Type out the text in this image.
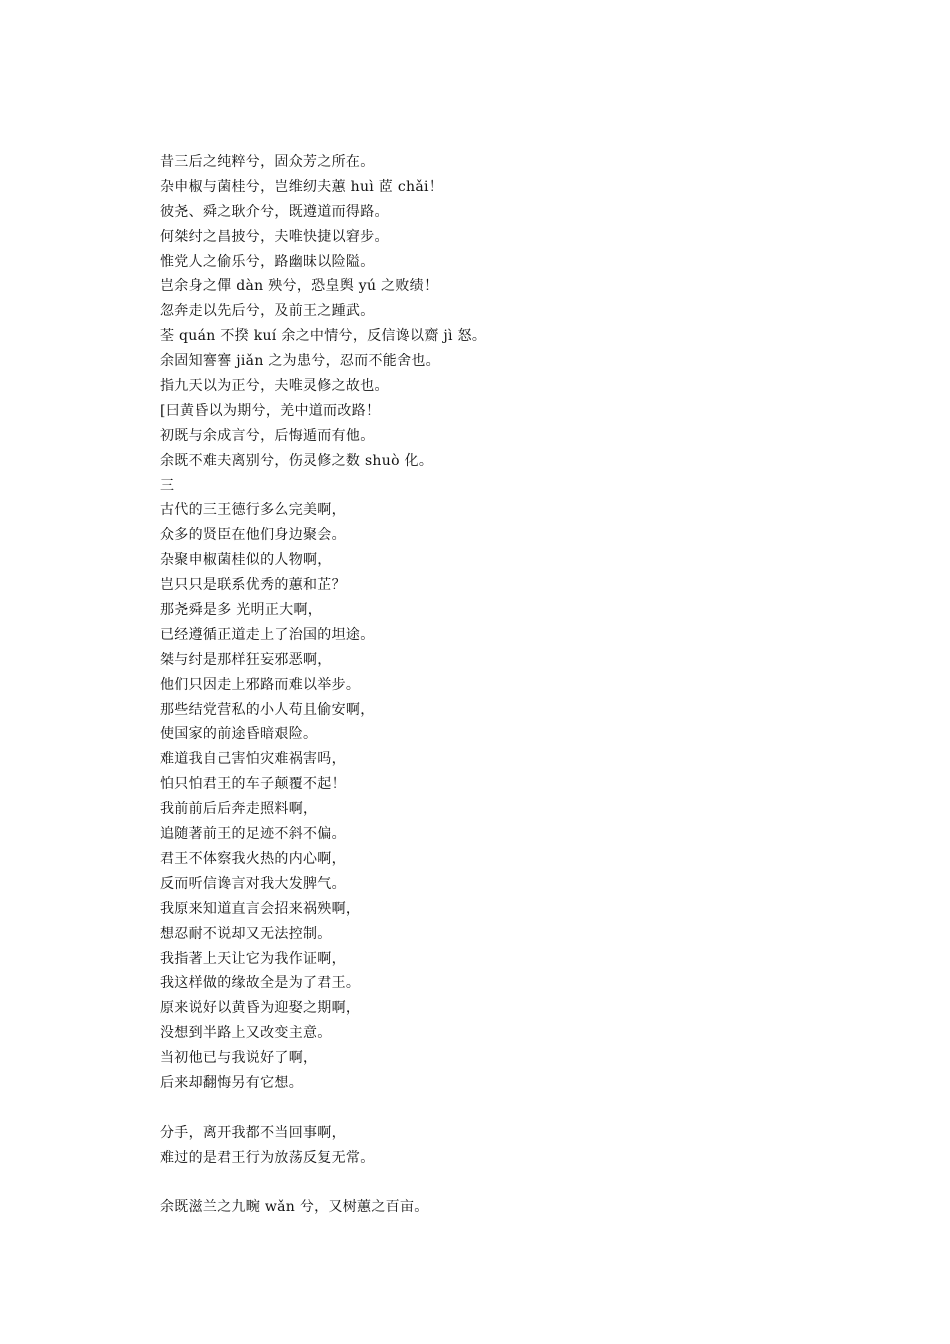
昔三后之纯粹兮，固众芳之所在。
杂申椒与菌桂兮，岂维纫夫蕙 huì 茝 chǎi！
彼尧、舜之耿介兮，既遵道而得路。
何桀纣之昌披兮，夫唯快捷以窘步。
惟党人之偷乐兮，路幽昧以险隘。
岂余身之僤 dàn 殃兮，恐皇舆 yú 之败绩！
忽奔走以先后兮，及前王之踵武。
荃 quán 不揆 kuí 余之中情兮，反信谗以齌 jì 怒。
余固知謇謇 jiǎn 之为患兮，忍而不能舍也。
指九天以为正兮，夫唯灵修之故也。
[曰黄昏以为期兮，羌中道而改路！
初既与余成言兮，后悔遁而有他。
余既不难夫离别兮，伤灵修之数 shuò 化。
三
古代的三王德行多么完美啊，
众多的贤臣在他们身边聚会。
杂聚申椒菌桂似的人物啊，
岂只只是联系优秀的蕙和芷？
那尧舜是多 光明正大啊，
已经遵循正道走上了治国的坦途。
桀与纣是那样狂妄邪恶啊，
他们只因走上邪路而难以举步。
那些结党营私的小人苟且偷安啊，
使国家的前途昏暗艰险。
难道我自己害怕灾难祸害吗，
怕只怕君王的车子颠覆不起！
我前前后后奔走照料啊，
追随著前王的足迹不斜不偏。
君王不体察我火热的内心啊，
反而听信谗言对我大发脾气。
我原来知道直言会招来祸殃啊，
想忍耐不说却又无法控制。
我指著上天让它为我作证啊，
我这样做的缘故全是为了君王。
原来说好以黄昏为迎娶之期啊，
没想到半路上又改变主意。
当初他已与我说好了啊，
后来却翻悔另有它想。
分手，离开我都不当回事啊，
难过的是君王行为放荡反复无常。
余既滋兰之九畹 wǎn 兮，又树蕙之百亩。
